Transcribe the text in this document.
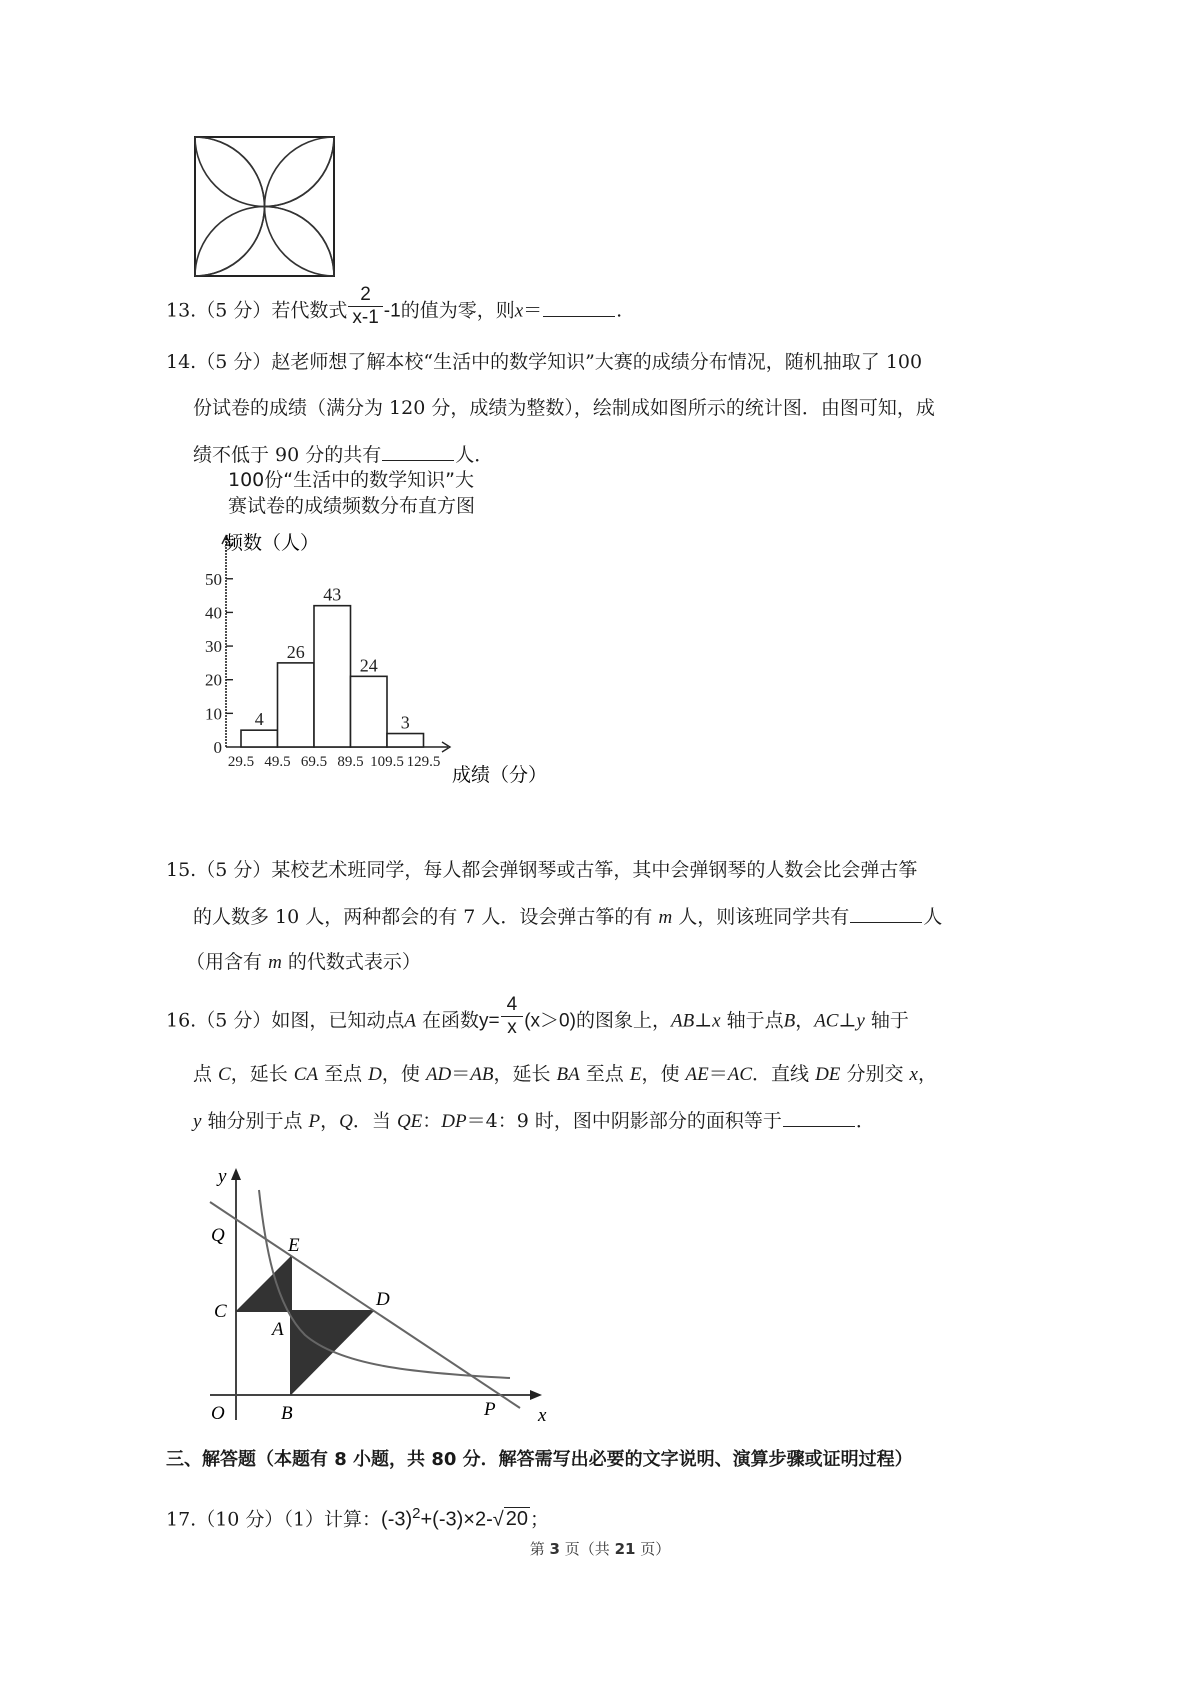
13.（5 分）若代数式 $\frac{2}{x-1} -1$的值为零，则x＝	.
14.（5 分）赵老师想了解本校“生活中的数学知识”大赛的成绩分布情况，随机抽取了 100
份试卷的成绩（满分为 120 分，成绩为整数），绘制成如图所示的统计图．由图可知，成
绩不低于 90 分的共有	人．
100份“生活中的数学知识”大
赛试卷的成绩频数分布直方图
0
10
20
30
40
50
4
26
43
24
3
29.5 49.5 69.5 89.5 109.5 129.5
频数（人）
成绩（分）
15.（5 分）某校艺术班同学，每人都会弹钢琴或古筝，其中会弹钢琴的人数会比会弹古筝
的人数多 10 人，两种都会的有 7 人．设会弹古筝的有 m 人，则该班同学共有	人
（用含有 m 的代数式表示）
16.（5 分）如图，已知动点A 在函数$y= \frac{4}{x} (x>0)$的图象上，AB⊥x 轴于点B，AC⊥y 轴于
点 C，延长 CA 至点 D，使 AD＝AB，延长 BA 至点 E，使 AE＝AC．直线 DE 分别交 x，
y 轴分别于点 P，Q．当 QE：DP＝4：9 时，图中阴影部分的面积等于	．
y
x
O
Q	E
C
A
D
B	P
三、解答题（本题有 8 小题，共 80 分．解答需写出必要的文字说明、演算步骤或证明过程）
17.（10 分）（1）计算：$(-3)^2+(-3)\times 2-√$ 20 ；
第 3 页（共 21 页）
